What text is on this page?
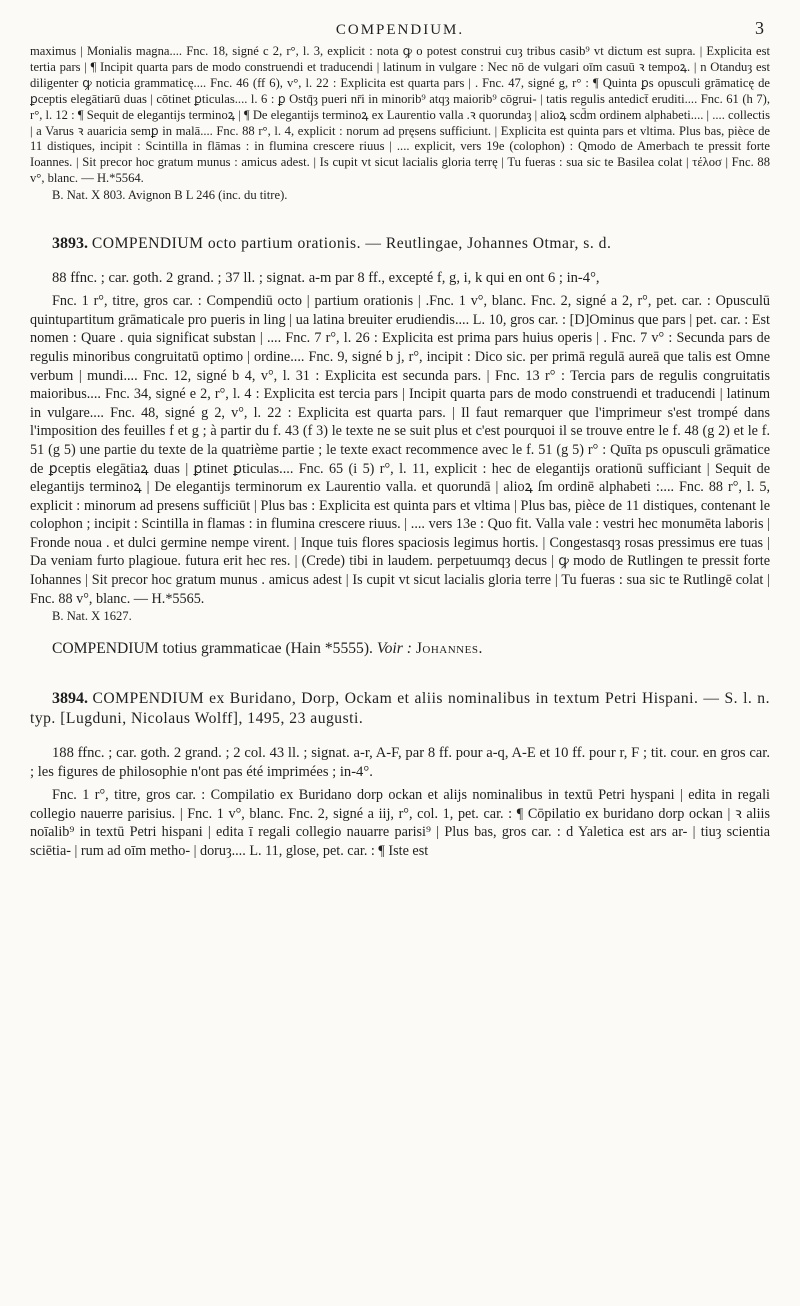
COMPENDIUM.	3

maximus | Monialis magna.... Fnc. 18, signé c 2, r°, l. 3, explicit : nota ꝙ o potest construi cuȝ tribus casib⁹ vt dictum est supra. | Explicita est tertia pars | ¶ Incipit quarta pars de modo construendi et traducendi | latinum in vulgare : Nec nō de vulgari oīm casuū ꝛ tempoꝝ. | n Otanduȝ est diligenter ꝙ noticia grammaticę.... Fnc. 46 (ff 6), v°, l. 22 : Explicita est quarta pars | . Fnc. 47, signé g, r° : ¶ Quinta ꝑs opusculi grāmaticę de ꝑceptis elegātiarū duas | cōtinet ꝑticulas.... l. 6 : ꝑ Ostq̄ȝ pueri nr̄i in minorib⁹ atqȝ maiorib⁹ cōgrui- | tatis regulis antedict̄ eruditi.... Fnc. 61 (h 7), r°, l. 12 : ¶ Sequit de elegantijs terminoꝝ | ¶ De elegantijs terminoꝝ ex Laurentio valla .ꝛ quorundaȝ | alioꝝ scd̄m ordinem alphabeti.... | .... collectis | a Varus ꝛ auaricia semꝑ in malā.... Fnc. 88 r°, l. 4, explicit : norum ad pręsens sufficiunt. | Explicita est quinta pars et vltima. Plus bas, pièce de 11 distiques, incipit : Scintilla in flāmas : in flumina crescere riuus | .... explicit, vers 19e (colophon) : Qmodo de Amerbach te pressit forte Ioannes. | Sit precor hoc gratum munus : amicus adest. | Is cupit vt sicut lacialis gloria terrę | Tu fueras : sua sic te Basilea colat | τέλοσ | Fnc. 88 v°, blanc. — H.*5564.

B. Nat. X 803. Avignon B L 246 (inc. du titre).

3893. COMPENDIUM octo partium orationis. — Reutlingae, Johannes Otmar, s. d.

88 ffnc. ; car. goth. 2 grand. ; 37 ll. ; signat. a-m par 8 ff., excepté f, g, i, k qui en ont 6 ; in-4°,

Fnc. 1 r°, titre, gros car. : Compendiū octo | partium orationis | .Fnc. 1 v°, blanc. Fnc. 2, signé a 2, r°, pet. car. : Opusculū quintupartitum grāmaticale pro pueris in ling | ua latina breuiter erudiendis.... L. 10, gros car. : [D]Ominus que pars | pet. car. : Est nomen : Quare . quia significat substan | .... Fnc. 7 r°, l. 26 : Explicita est prima pars huius operis | . Fnc. 7 v° : Secunda pars de regulis minoribus congruitatū optimo | ordine.... Fnc. 9, signé b j, r°, incipit : Dico sic. per primā regulā aureā que talis est Omne verbum | mundi.... Fnc. 12, signé b 4, v°, l. 31 : Explicita est secunda pars. | Fnc. 13 r° : Tercia pars de regulis congruitatis maioribus.... Fnc. 34, signé e 2, r°, l. 4 : Explicita est tercia pars | Incipit quarta pars de modo construendi et traducendi | latinum in vulgare.... Fnc. 48, signé g 2, v°, l. 22 : Explicita est quarta pars. | Il faut remarquer que l'imprimeur s'est trompé dans l'imposition des feuilles f et g ; à partir du f. 43 (f 3) le texte ne se suit plus et c'est pourquoi il se trouve entre le f. 48 (g 2) et le f. 51 (g 5) une partie du texte de la quatrième partie ; le texte exact recommence avec le f. 51 (g 5) r° : Quīta ps opusculi grāmatice de ꝑceptis elegātiaꝝ duas | ꝑtinet ꝑticulas.... Fnc. 65 (i 5) r°, l. 11, explicit : hec de elegantijs orationū sufficiant | Sequit de elegantijs terminoꝝ | De elegantijs terminorum ex Laurentio valla. et quorundā | alioꝝ ſm ordinē alphabeti :.... Fnc. 88 r°, l. 5, explicit : minorum ad presens sufficiūt | Plus bas : Explicita est quinta pars et vltima | Plus bas, pièce de 11 distiques, contenant le colophon ; incipit : Scintilla in flamas : in flumina crescere riuus. | .... vers 13e : Quo fit. Valla vale : vestri hec monumēta laboris | Fronde noua . et dulci germine nempe virent. | Inque tuis flores spaciosis legimus hortis. | Congestasqȝ rosas pressimus ere tuas | Da veniam furto plagioue. futura erit hec res. | (Crede) tibi in laudem. perpetuumqȝ decus | ꝙ modo de Rutlingen te pressit forte Iohannes | Sit precor hoc gratum munus . amicus adest | Is cupit vt sicut lacialis gloria terre | Tu fueras : sua sic te Rutlingē colat | Fnc. 88 v°, blanc. — H.*5565.

B. Nat. X 1627.

COMPENDIUM totius grammaticae (Hain *5555). Voir : Johannes.

3894. COMPENDIUM ex Buridano, Dorp, Ockam et aliis nominalibus in textum Petri Hispani. — S. l. n. typ. [Lugduni, Nicolaus Wolff], 1495, 23 augusti.

188 ffnc. ; car. goth. 2 grand. ; 2 col. 43 ll. ; signat. a-r, A-F, par 8 ff. pour a-q, A-E et 10 ff. pour r, F ; tit. cour. en gros car. ; les figures de philosophie n'ont pas été imprimées ; in-4°.

Fnc. 1 r°, titre, gros car. : Compilatio ex Buridano dorp ockan et alijs nominalibus in textū Petri hyspani | edita in regali collegio nauerre parisius. | Fnc. 1 v°, blanc. Fnc. 2, signé a iij, r°, col. 1, pet. car. : ¶ Cōpilatio ex buridano dorp ockan | ꝛ aliis noīalib⁹ in textū Petri hispani | edita ī regali collegio nauarre parisi⁹ | Plus bas, gros car. : d Yaletica est ars ar- | tiuȝ scientia sciētia- | rum ad oīm metho- | doruȝ.... L. 11, glose, pet. car. : ¶ Iste est
